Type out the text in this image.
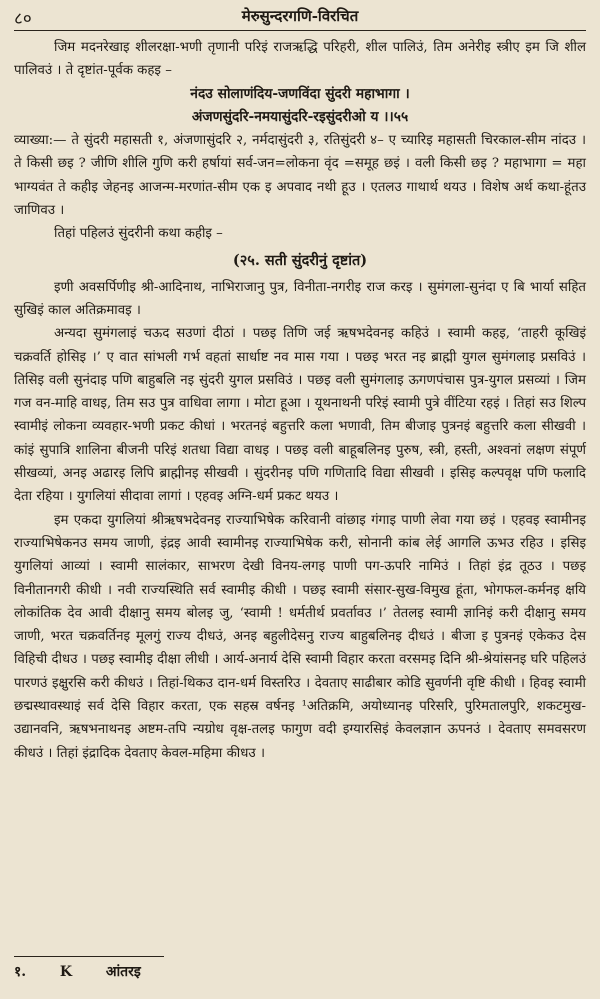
८०	मेरुसुन्दरगणि-विरचित

जिम मदनरेखाइ शीलरक्षा-भणी तृणानी परिइं राजऋद्धि परिहरी, शील पालिउं, तिम अनेरीइ स्त्रीए इम जि शील पालिवउं । ते दृष्टांत-पूर्वक कहइ –

नंदउ सोलाणंदिय-जणविंदा सुंदरी महाभागा ।

अंजणसुंदरि-नमयासुंदरि-रइसुंदरीओ य ।।५५

व्याख्या:— ते सुंदरी महासती १, अंजणासुंदरि २, नर्मदासुंदरी ३, रतिसुंदरी ४– ए च्यारिइ महासती चिरकाल-सीम नांदउ । ते किसी छइ ? जीणि शीलि गुणि करी हर्षायां सर्व-जन=लोकना वृंद =समूह छइं । वली किसी छइ ? महाभागा = महा भाग्यवंत ते कहीइ जेहनइ आजन्म-मरणांत-सीम एक इ अपवाद नथी हूउ । एतलउ गाथार्थ थयउ । विशेष अर्थ कथा-हूंतउ जाणिवउ ।

तिहां पहिलउं सुंदरीनी कथा कहीइ –

(२५. सती सुंदरीनुं दृष्टांत)

इणी अवसर्पिणीइ श्री-आदिनाथ, नाभिराजानु पुत्र, विनीता-नगरीइ राज करइ । सुमंगला-सुनंदा ए बि भार्या सहित सुखिइं काल अतिक्रमावइ ।

अन्यदा सुमंगलाइं चऊद सउणां दीठां । पछइ तिणि जई ऋषभदेवनइ कहिउं । स्वामी कहइ, ‘ताहरी कूखिइं चक्रवर्ति होसिइ ।’ ए वात सांभली गर्भ वहतां सार्धाष्ट नव मास गया । पछइ भरत नइ ब्राह्मी युगल सुमंगलाइ प्रसविउं । तिसिइ वली सुनंदाइ पणि बाहुबलि नइ सुंदरी युगल प्रसविउं । पछइ वली सुमंगलाइ ऊगणपंचास पुत्र-युगल प्रसव्यां । जिम गज वन-माहि वाधइ, तिम सउ पुत्र वाधिवा लागा । मोटा हूआ । यूथनाथनी परिइं स्वामी पुत्रे वींटिया रहइं । तिहां सउ शिल्प स्वामीइं लोकना व्यवहार-भणी प्रकट कीधां । भरतनइं बहुत्तरि कला भणावी, तिम बीजाइ पुत्रनइं बहुत्तरि कला सीखवी । कांइं सुपात्रि शालिना बीजनी परिइं शतधा विद्या वाधइ । पछइ वली बाहूबलिनइ पुरुष, स्त्री, हस्ती, अश्वनां लक्षण संपूर्ण सीखव्यां, अनइ अढारइ लिपि ब्राह्मीनइ सीखवी । सुंदरीनइ पणि गणितादि विद्या सीखवी । इसिइ कल्पवृक्ष पणि फलादि देता रहिया । युगलियां सीदावा लागां । एहवइ अग्नि-धर्म प्रकट थयउ ।

इम एकदा युगलियां श्रीऋषभदेवनइ राज्याभिषेक करिवानी वांछाइ गंगाइ पाणी लेवा गया छइं । एहवइ स्वामीनइ राज्याभिषेकनउ समय जाणी, इंद्रइ आवी स्वामीनइ राज्याभिषेक करी, सोनानी कांब लेई आगलि ऊभउ रहिउ । इसिइ युगलियां आव्यां । स्वामी सालंकार, साभरण देखी विनय-लगइ पाणी पग-ऊपरि नामिउं । तिहां इंद्र तूठउ । पछइ विनीतानगरी कीधी । नवी राज्यस्थिति सर्व स्वामीइ कीधी । पछइ स्वामी संसार-सुख-विमुख हूंता, भोगफल-कर्मनइ क्षयि लोकांतिक देव आवी दीक्षानु समय बोलइ जु, ‘स्वामी ! धर्मतीर्थ प्रवर्तावउ ।’ तेतलइ स्वामी ज्ञानिइं करी दीक्षानु समय जाणी, भरत चक्रवर्तिनइ मूलगुं राज्य दीधउं, अनइ बहुलीदेसनु राज्य बाहुबलिनइ दीधउं । बीजा इ पुत्रनइं एकेकउ देस विहिची दीधउ । पछइ स्वामीइ दीक्षा लीधी । आर्य-अनार्य देसि स्वामी विहार करता वरसमइ दिनि श्री-श्रेयांसनइ घरि पहिलउं पारणउं इक्षुरसि करी कीधउं । तिहां-थिकउ दान-धर्म विस्तरिउ । देवताए साढीबार कोडि सुवर्णनी वृष्टि कीधी । हिवइ स्वामी छद्मस्थावस्थाइं सर्व देसि विहार करता, एक सहस्र वर्षनइ ¹अतिक्रमि, अयोध्यानइ परिसरि, पुरिमतालपुरि, शकटमुख- उद्यानवनि, ऋषभनाथनइ अष्टम-तपि न्यग्रोध वृक्ष-तलइ फागुण वदी इग्यारसिइं केवलज्ञान ऊपनउं । देवताए समवसरण कीधउं । तिहां इंद्रादिक देवताए केवल-महिमा कीधउ ।

१. K आंतरइ
